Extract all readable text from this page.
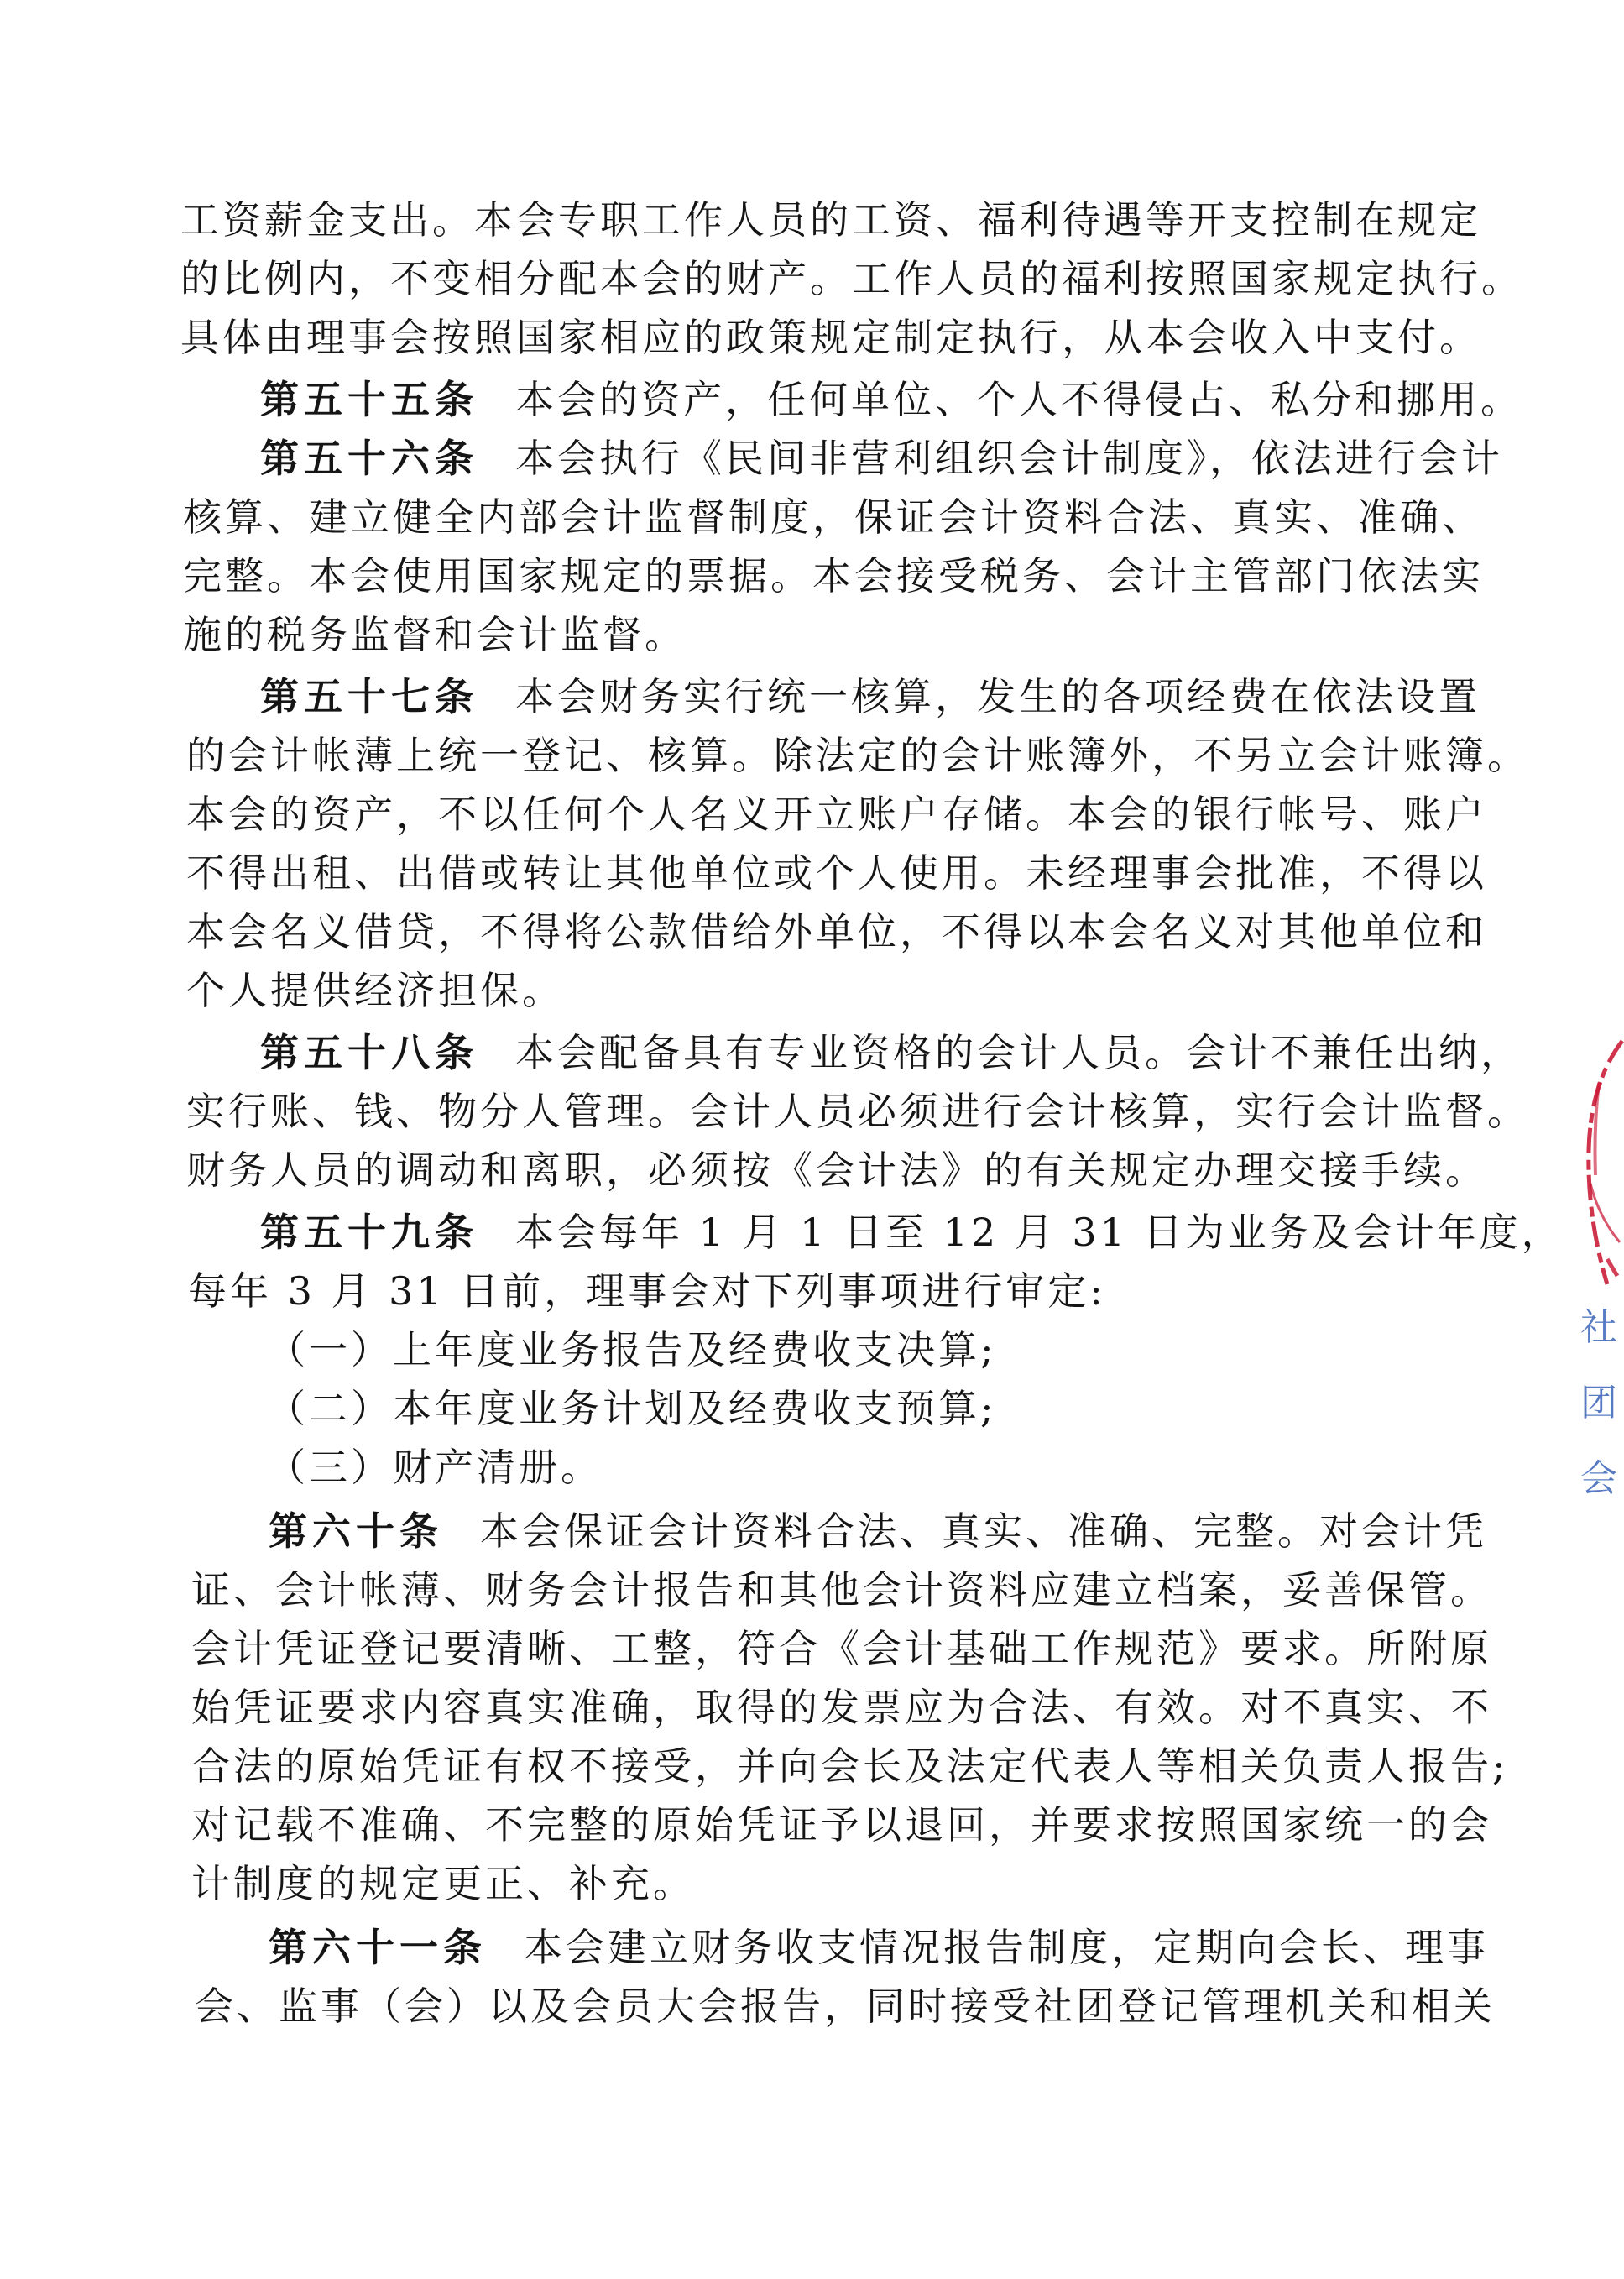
工资薪金支出。本会专职工作人员的工资、福利待遇等开支控制在规定
的比例内，不变相分配本会的财产。工作人员的福利按照国家规定执行。
具体由理事会按照国家相应的政策规定制定执行，从本会收入中支付。
第五十五条 本会的资产，任何单位、个人不得侵占、私分和挪用。
第五十六条 本会执行《民间非营利组织会计制度》，依法进行会计
核算、建立健全内部会计监督制度，保证会计资料合法、真实、准确、
完整。本会使用国家规定的票据。本会接受税务、会计主管部门依法实
施的税务监督和会计监督。
第五十七条 本会财务实行统一核算，发生的各项经费在依法设置
的会计帐薄上统一登记、核算。除法定的会计账簿外，不另立会计账簿。
本会的资产，不以任何个人名义开立账户存储。本会的银行帐号、账户
不得出租、出借或转让其他单位或个人使用。未经理事会批准，不得以
本会名义借贷，不得将公款借给外单位，不得以本会名义对其他单位和
个人提供经济担保。
第五十八条 本会配备具有专业资格的会计人员。会计不兼任出纳，
实行账、钱、物分人管理。会计人员必须进行会计核算，实行会计监督。
财务人员的调动和离职，必须按《会计法》的有关规定办理交接手续。
第五十九条 本会每年 1 月 1 日至 12 月 31 日为业务及会计年度，
每年 3 月 31 日前，理事会对下列事项进行审定:
（一）上年度业务报告及经费收支决算;
（二）本年度业务计划及经费收支预算;
（三）财产清册。
第六十条 本会保证会计资料合法、真实、准确、完整。对会计凭
证、会计帐薄、财务会计报告和其他会计资料应建立档案，妥善保管。
会计凭证登记要清晰、工整，符合《会计基础工作规范》要求。所附原
始凭证要求内容真实准确，取得的发票应为合法、有效。对不真实、不
合法的原始凭证有权不接受，并向会长及法定代表人等相关负责人报告;
对记载不准确、不完整的原始凭证予以退回，并要求按照国家统一的会
计制度的规定更正、补充。
第六十一条 本会建立财务收支情况报告制度，定期向会长、理事
会、监事（会）以及会员大会报告，同时接受社团登记管理机关和相关
社
团
会
